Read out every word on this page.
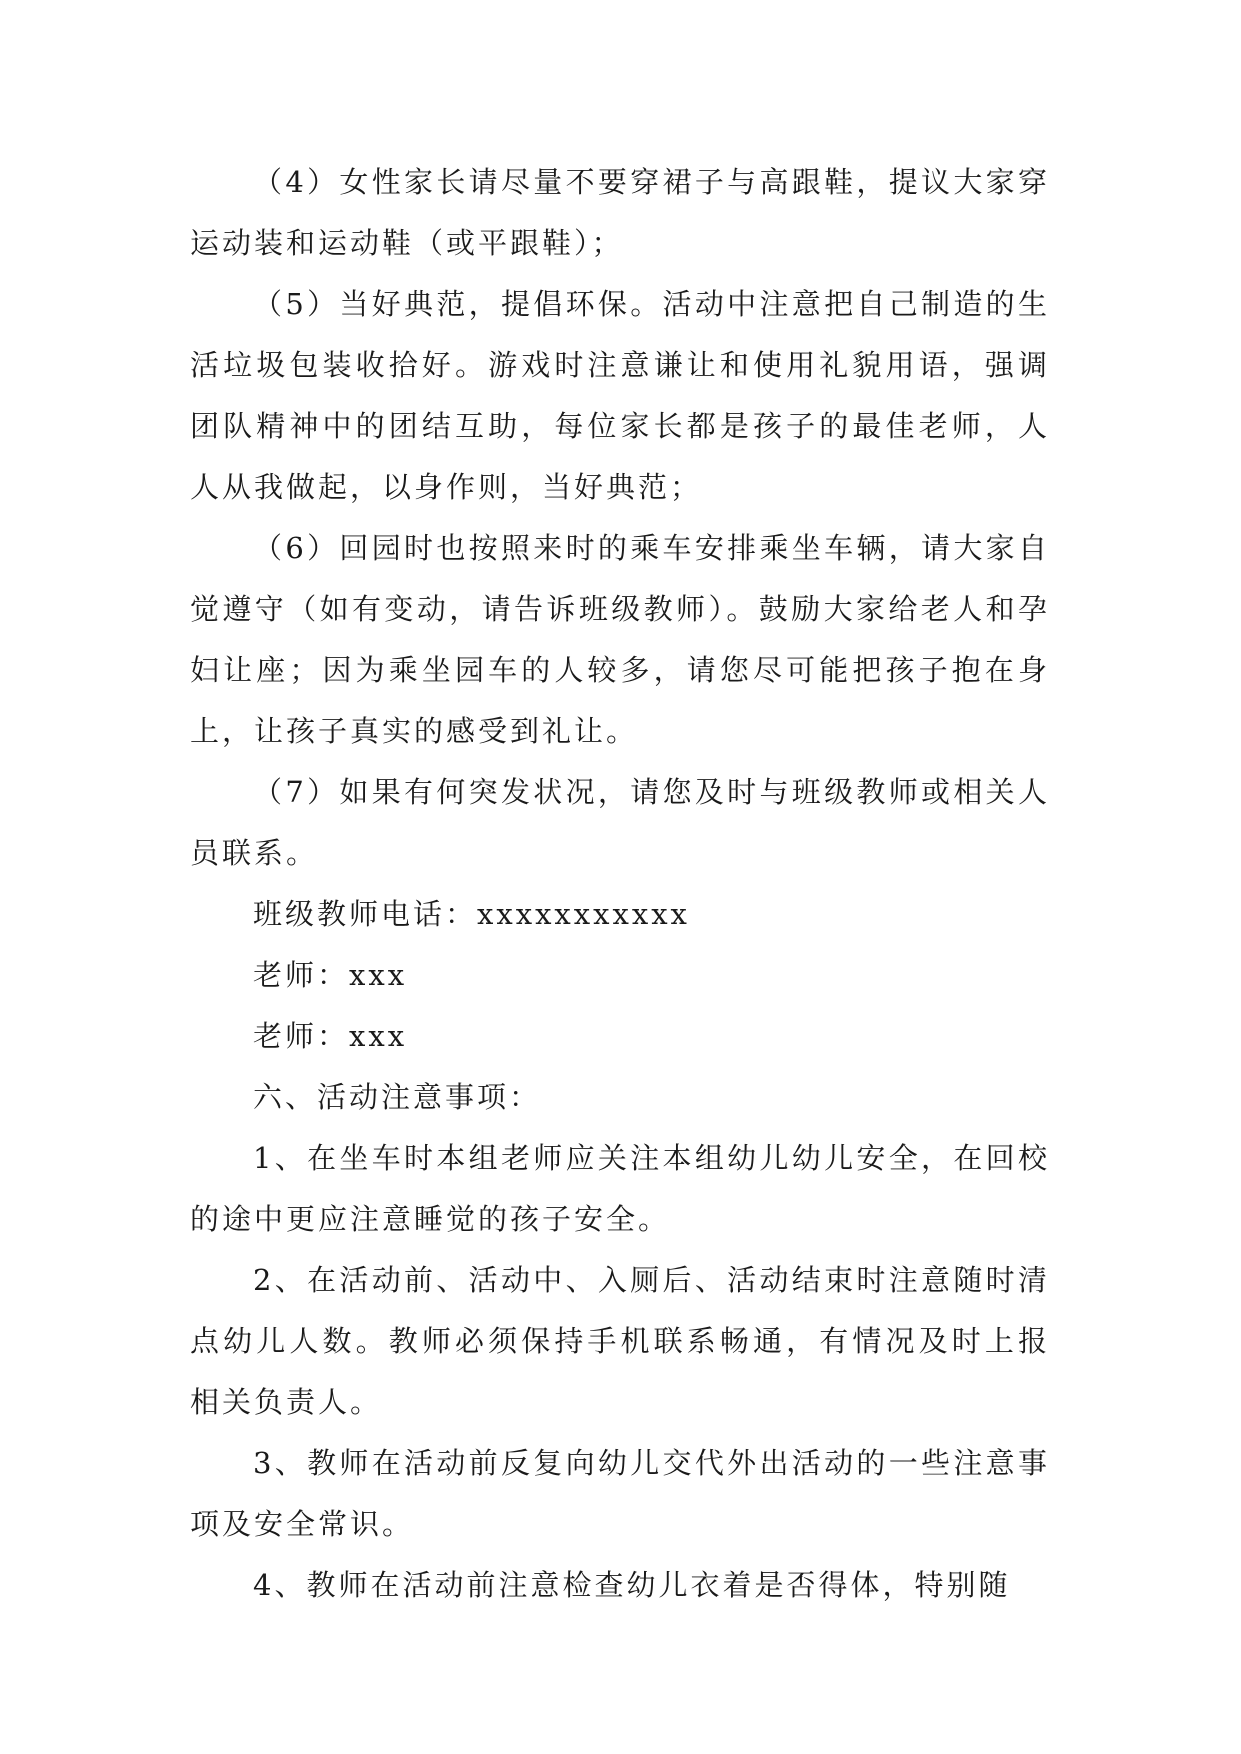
（4）女性家长请尽量不要穿裙子与高跟鞋，提议大家穿运动装和运动鞋（或平跟鞋）；

（5）当好典范，提倡环保。活动中注意把自己制造的生活垃圾包装收拾好。游戏时注意谦让和使用礼貌用语，强调团队精神中的团结互助，每位家长都是孩子的最佳老师，人人从我做起，以身作则，当好典范；

（6）回园时也按照来时的乘车安排乘坐车辆，请大家自觉遵守（如有变动，请告诉班级教师）。鼓励大家给老人和孕妇让座；因为乘坐园车的人较多，请您尽可能把孩子抱在身上，让孩子真实的感受到礼让。

（7）如果有何突发状况，请您及时与班级教师或相关人员联系。

班级教师电话：xxxxxxxxxxx

老师：xxx

老师：xxx

六、活动注意事项：

1、在坐车时本组老师应关注本组幼儿幼儿安全，在回校的途中更应注意睡觉的孩子安全。

2、在活动前、活动中、入厕后、活动结束时注意随时清点幼儿人数。教师必须保持手机联系畅通，有情况及时上报相关负责人。

3、教师在活动前反复向幼儿交代外出活动的一些注意事项及安全常识。

4、教师在活动前注意检查幼儿衣着是否得体，特别随
